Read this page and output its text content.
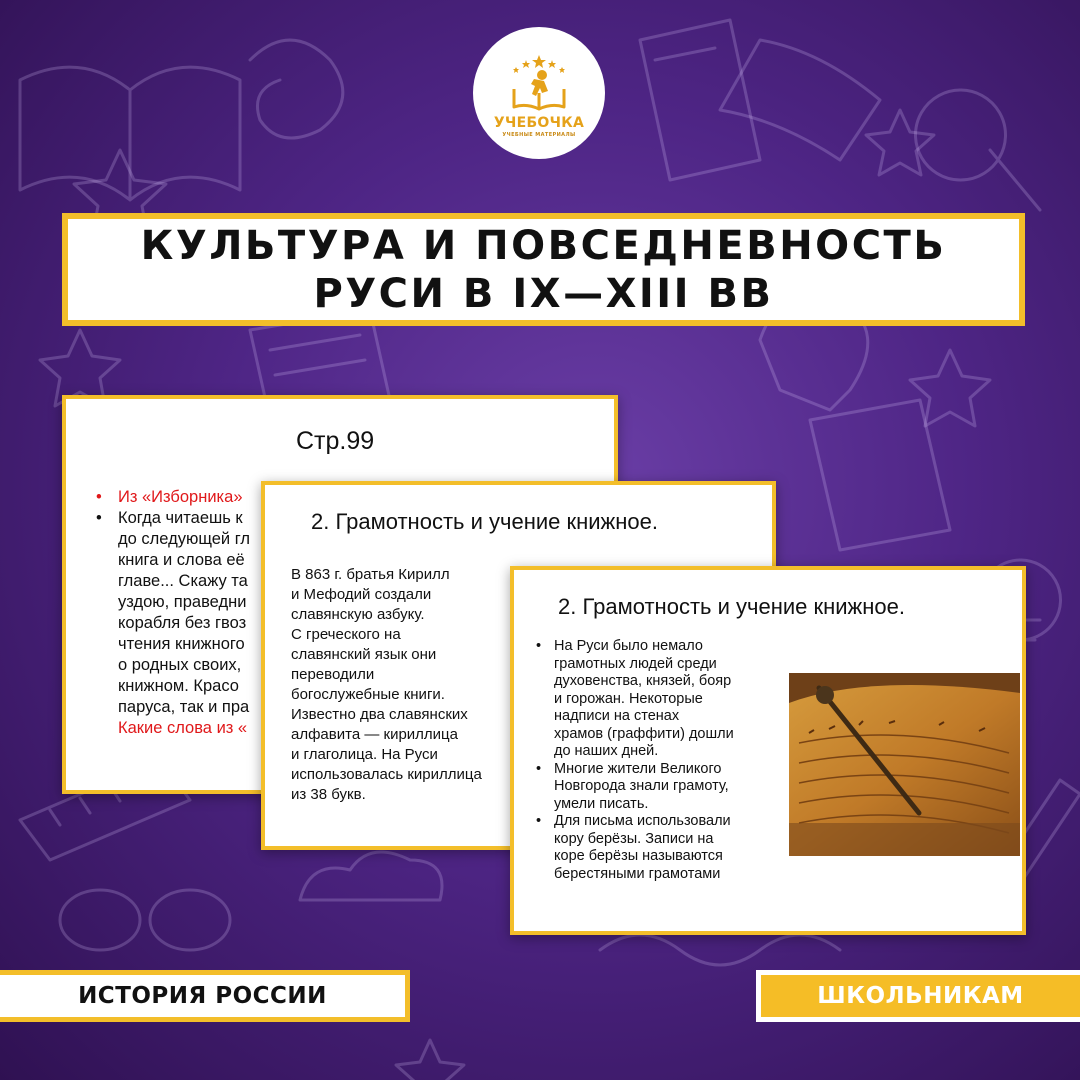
УЧЕБОЧКА
УЧЕБНЫЕ МАТЕРИАЛЫ
КУЛЬТУРА И ПОВСЕДНЕВНОСТЬ
РУСИ В IX—XIII ВВ
Стр.99
• Из «Изборника»
• Когда читаешь к
до следующей гл
книга и слова её
главе... Скажу та
уздою, праведни
корабля без гвоз
чтения книжного
о родных своих,
книжном. Красо
паруса, так и пра
Какие слова из «
2. Грамотность и учение книжное.
В 863 г. братья Кирилл
и Мефодий создали
славянскую азбуку.
С греческого на
славянский язык они
переводили
богослужебные книги.
Известно два славянских
алфавита — кириллица
и глаголица. На Руси
использовалась кириллица
из 38 букв.
2. Грамотность и учение книжное.
• На Руси было немало
грамотных людей среди
духовенства, князей, бояр
и горожан. Некоторые
надписи на стенах
храмов (граффити) дошли
до наших дней.
• Многие жители Великого
Новгорода знали грамоту,
умели писать.
• Для письма использовали
кору берёзы. Записи на
коре берёзы называются
берестяными грамотами
ИСТОРИЯ РОССИИ	ШКОЛЬНИКАМ
